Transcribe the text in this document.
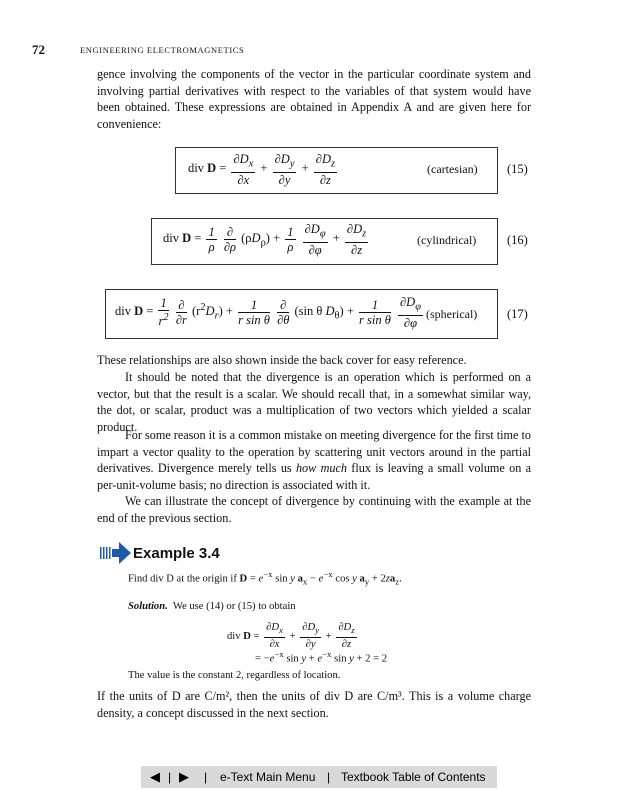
72	ENGINEERING ELECTROMAGNETICS
gence involving the components of the vector in the particular coordinate system and involving partial derivatives with respect to the variables of that system would have been obtained. These expressions are obtained in Appendix A and are given here for convenience:
div $D = \frac{\partial D_x}{\partial x} + \frac{\partial D_y}{\partial y} + \frac{\partial D_z}{\partial z}$	(cartesian) (15)
div $D = \frac{1}{\rho}$
$\frac{\partial}{\partial\rho} (\rho D_\rho) + \frac{1}{\rho}$
$\frac{\partial D_\varphi}{\partial\varphi} + \frac{\partial D_z}{\partial z}$	(cylindrical) (16)
div $D = \frac{1}{r^2}$
$\frac{\partial}{\partial r} (r^2D_r) + \frac{1}{\text{r sin θ}}$
$\frac{\partial}{\partial\theta} (\sin$ θ $D_\theta) + \frac{1}{\text{r sin θ}}$
$\frac{\partial D_\varphi}{\partial\varphi}$ (spherical) (17)
These relationships are also shown inside the back cover for easy reference.
It should be noted that the divergence is an operation which is performed on a vector, but that the result is a scalar. We should recall that, in a somewhat similar way, the dot, or scalar, product was a multiplication of two vectors which yielded a scalar product.
For some reason it is a common mistake on meeting divergence for the first time to impart a vector quality to the operation by scattering unit vectors around in the partial derivatives. Divergence merely tells us how much flux is leaving a small volume on a per-unit-volume basis; no direction is associated with it.
We can illustrate the concept of divergence by continuing with the example at the end of the previous section.
Example 3.4
Find div D at the origin if $D = e^{-x}$ sin y $a_x - e^{-x}$ cos y $a_y + 2za_z$.
Solution. We use (14) or (15) to obtain
div $D = \frac{\partial D_x}{\partial x} + \frac{\partial D_y}{\partial y} + \frac{\partial D_z}{\partial z}$
= $-e^{-x}$ $\sin y + e^{-x}$ sin y + 2 = 2
The value is the constant 2, regardless of location.
If the units of D are C/m², then the units of div D are C/m³. This is a volume charge density, a concept discussed in the next section.
◀ | ▶ | e-Text Main Menu | Textbook Table of Contents
